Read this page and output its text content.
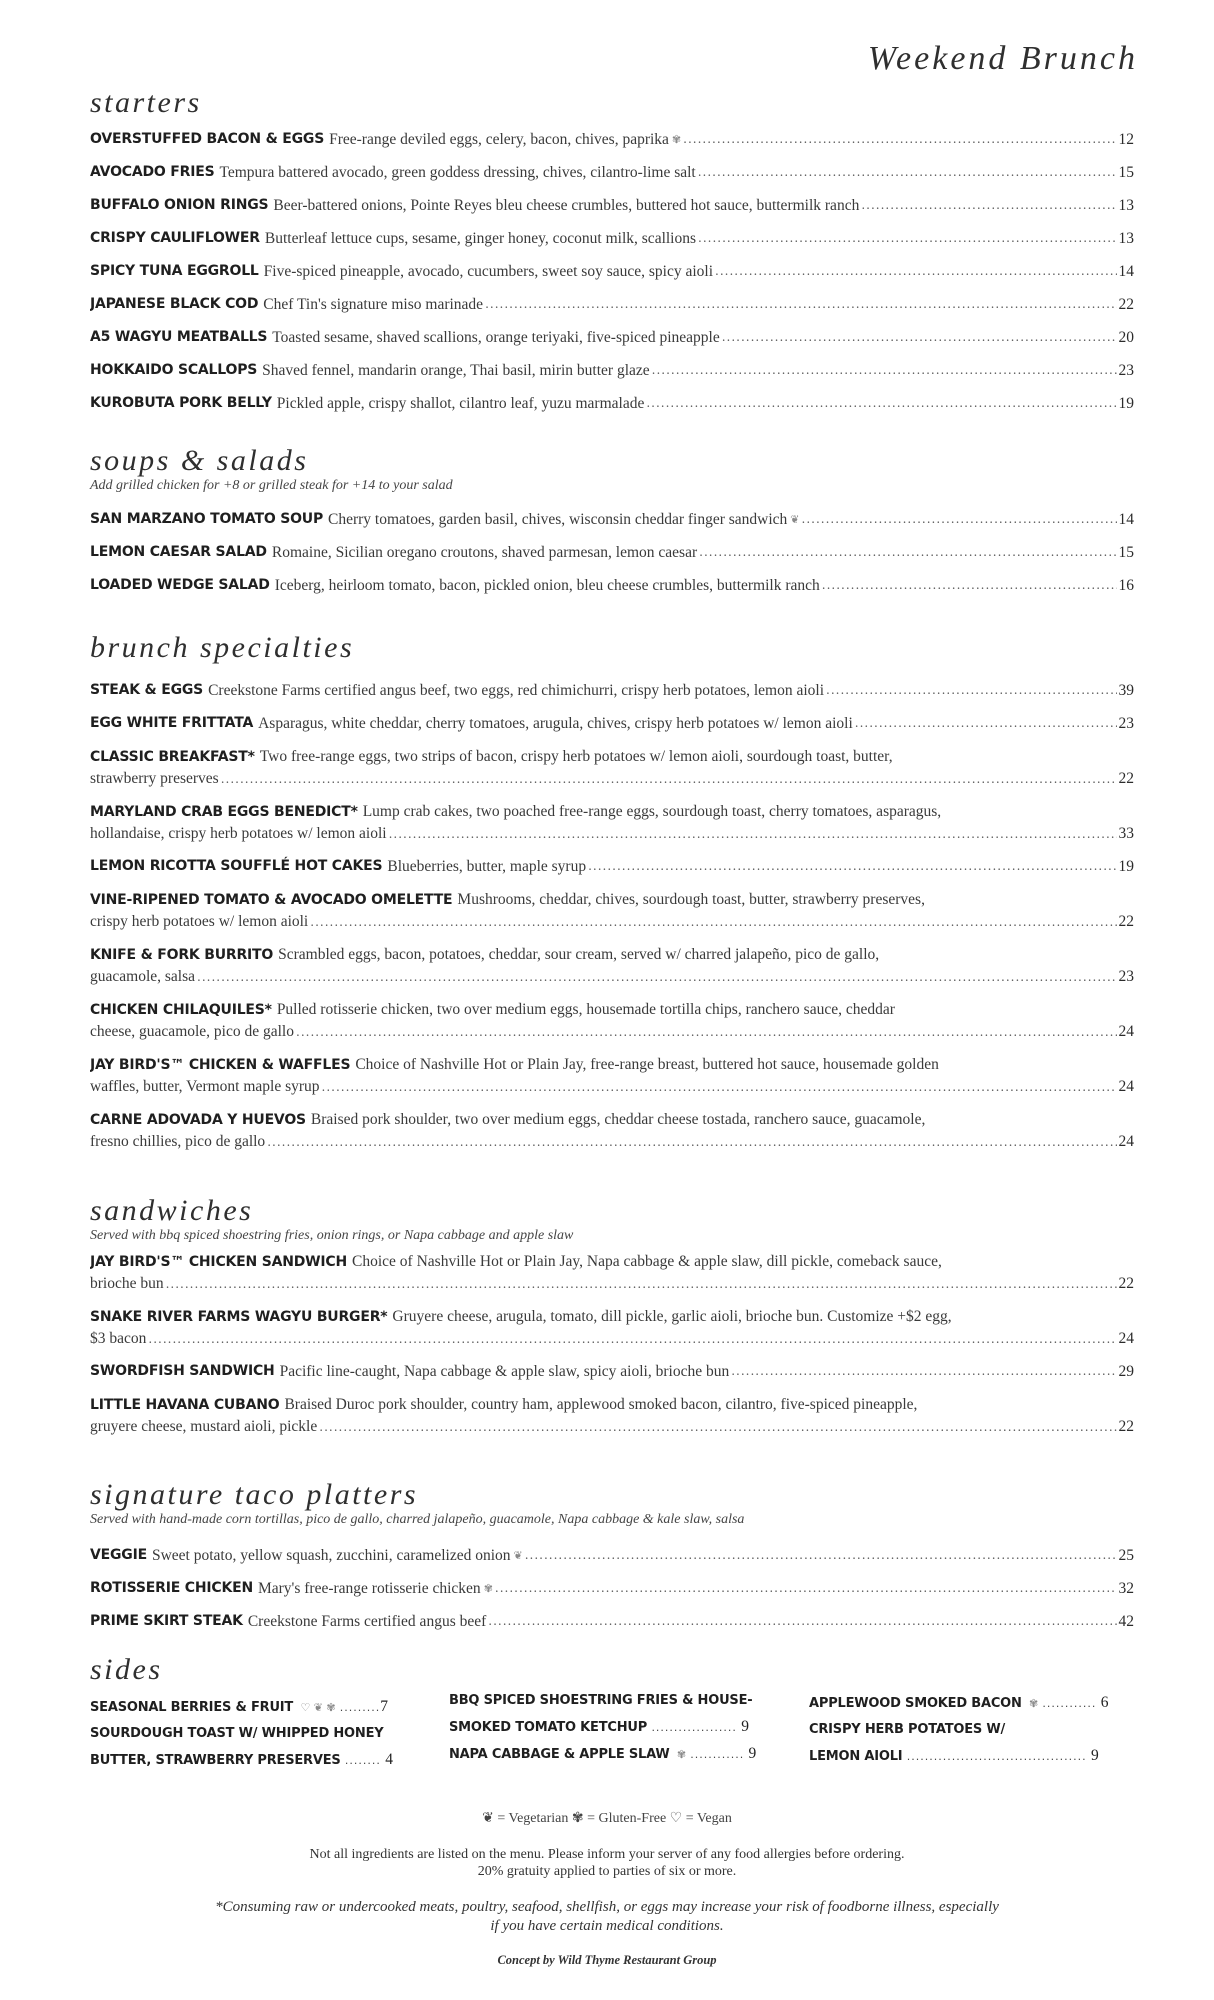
Weekend Brunch
starters
OVERSTUFFED BACON & EGGS Free-range deviled eggs, celery, bacon, chives, paprika ✾ .....	12
AVOCADO FRIES Tempura battered avocado, green goddess dressing, chives, cilantro-lime salt .....	15
BUFFALO ONION RINGS Beer-battered onions, Pointe Reyes bleu cheese crumbles, buttered hot sauce, buttermilk ranch .....	13
CRISPY CAULIFLOWER Butterleaf lettuce cups, sesame, ginger honey, coconut milk, scallions .....	13
SPICY TUNA EGGROLL Five-spiced pineapple, avocado, cucumbers, sweet soy sauce, spicy aioli .....	14
JAPANESE BLACK COD Chef Tin's signature miso marinade .....	22
A5 WAGYU MEATBALLS Toasted sesame, shaved scallions, orange teriyaki, five-spiced pineapple .....	20
HOKKAIDO SCALLOPS Shaved fennel, mandarin orange, Thai basil, mirin butter glaze .....	23
KUROBUTA PORK BELLY Pickled apple, crispy shallot, cilantro leaf, yuzu marmalade .....	19
soups & salads
Add grilled chicken for +8 or grilled steak for +14 to your salad
SAN MARZANO TOMATO SOUP Cherry tomatoes, garden basil, chives, wisconsin cheddar finger sandwich ❦ .....	14
LEMON CAESAR SALAD Romaine, Sicilian oregano croutons, shaved parmesan, lemon caesar .....	15
LOADED WEDGE SALAD Iceberg, heirloom tomato, bacon, pickled onion, bleu cheese crumbles, buttermilk ranch .....	16
brunch specialties
STEAK & EGGS Creekstone Farms certified angus beef, two eggs, red chimichurri, crispy herb potatoes, lemon aioli .....	39
EGG WHITE FRITTATA Asparagus, white cheddar, cherry tomatoes, arugula, chives, crispy herb potatoes w/ lemon aioli .....	23
CLASSIC BREAKFAST* Two free-range eggs, two strips of bacon, crispy herb potatoes w/ lemon aioli, sourdough toast, butter,
strawberry preserves .....	22
MARYLAND CRAB EGGS BENEDICT* Lump crab cakes, two poached free-range eggs, sourdough toast, cherry tomatoes, asparagus,
hollandaise, crispy herb potatoes w/ lemon aioli .....	33
LEMON RICOTTA SOUFFLÉ HOT CAKES Blueberries, butter, maple syrup .....	19
VINE-RIPENED TOMATO & AVOCADO OMELETTE Mushrooms, cheddar, chives, sourdough toast, butter, strawberry preserves,
crispy herb potatoes w/ lemon aioli .....	22
KNIFE & FORK BURRITO Scrambled eggs, bacon, potatoes, cheddar, sour cream, served w/ charred jalapeño, pico de gallo,
guacamole, salsa .....	23
CHICKEN CHILAQUILES* Pulled rotisserie chicken, two over medium eggs, housemade tortilla chips, ranchero sauce, cheddar
cheese, guacamole, pico de gallo .....	24
JAY BIRD'S™ CHICKEN & WAFFLES Choice of Nashville Hot or Plain Jay, free-range breast, buttered hot sauce, housemade golden
waffles, butter, Vermont maple syrup .....	24
CARNE ADOVADA Y HUEVOS Braised pork shoulder, two over medium eggs, cheddar cheese tostada, ranchero sauce, guacamole,
fresno chillies, pico de gallo .....	24
sandwiches
Served with bbq spiced shoestring fries, onion rings, or Napa cabbage and apple slaw
JAY BIRD'S™ CHICKEN SANDWICH Choice of Nashville Hot or Plain Jay, Napa cabbage & apple slaw, dill pickle, comeback sauce,
brioche bun .....	22
SNAKE RIVER FARMS WAGYU BURGER* Gruyere cheese, arugula, tomato, dill pickle, garlic aioli, brioche bun. Customize +$2 egg,
$3 bacon .....	24
SWORDFISH SANDWICH Pacific line-caught, Napa cabbage & apple slaw, spicy aioli, brioche bun .....	29
LITTLE HAVANA CUBANO Braised Duroc pork shoulder, country ham, applewood smoked bacon, cilantro, five-spiced pineapple,
gruyere cheese, mustard aioli, pickle .....	22
signature taco platters
Served with hand-made corn tortillas, pico de gallo, charred jalapeño, guacamole, Napa cabbage & kale slaw, salsa
VEGGIE Sweet potato, yellow squash, zucchini, caramelized onion ❦ .....	25
ROTISSERIE CHICKEN Mary's free-range rotisserie chicken ✾ .....	32
PRIME SKIRT STEAK Creekstone Farms certified angus beef .....	42
sides
SEASONAL BERRIES & FRUIT ♡ ❦ ✾ .........7
SOURDOUGH TOAST W/ WHIPPED HONEY
BUTTER, STRAWBERRY PRESERVES ........ 4
BBQ SPICED SHOESTRING FRIES & HOUSE-
SMOKED TOMATO KETCHUP ................... 9
NAPA CABBAGE & APPLE SLAW ✾ ............ 9
APPLEWOOD SMOKED BACON ✾ ............ 6
CRISPY HERB POTATOES W/
LEMON AIOLI ........................................ 9
❦ = Vegetarian ✾ = Gluten-Free ♡ = Vegan
Not all ingredients are listed on the menu. Please inform your server of any food allergies before ordering.
20% gratuity applied to parties of six or more.
*Consuming raw or undercooked meats, poultry, seafood, shellfish, or eggs may increase your risk of foodborne illness, especially
if you have certain medical conditions.
Concept by Wild Thyme Restaurant Group
